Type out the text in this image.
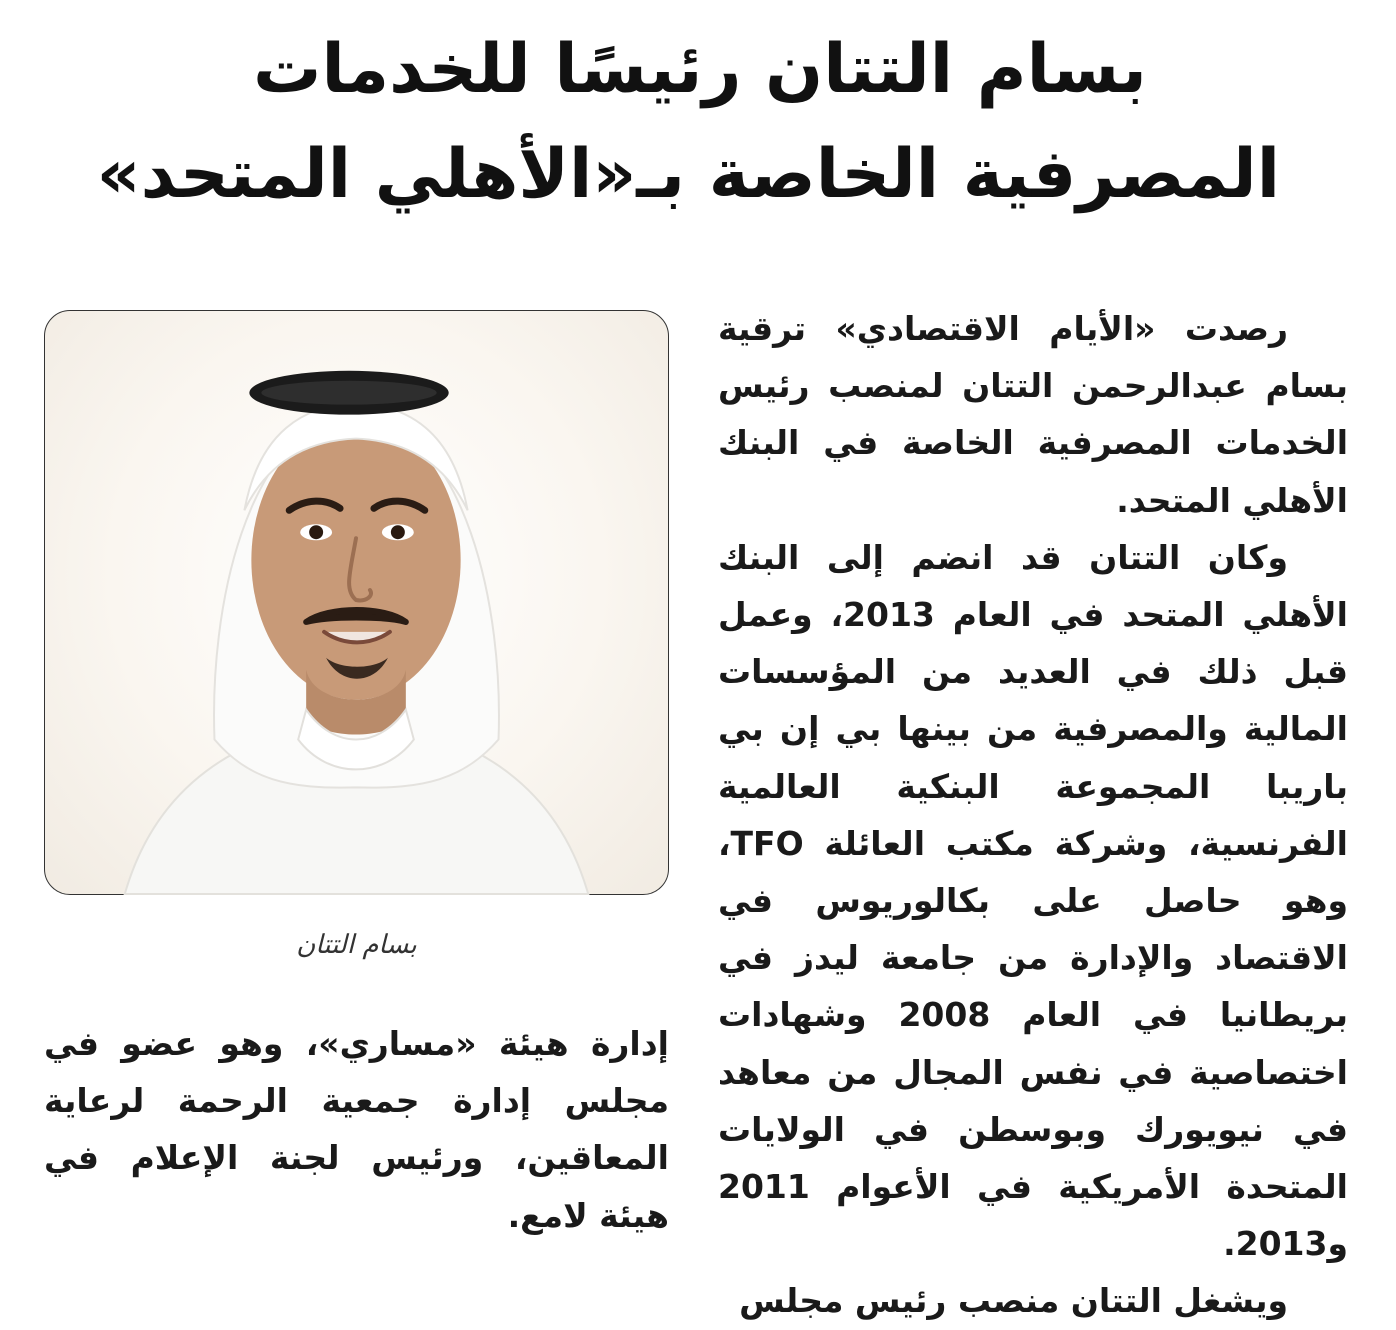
بسام التتان رئيسًا للخدمات
المصرفية الخاصة بـ«الأهلي المتحد»

رصدت «الأيام الاقتصادي» ترقية بسام عبدالرحمن التتان لمنصب رئيس الخدمات المصرفية الخاصة في البنك الأهلي المتحد.

وكان التتان قد انضم إلى البنك الأهلي المتحد في العام 2013، وعمل قبل ذلك في العديد من المؤسسات المالية والمصرفية من بينها بي إن بي باريبا المجموعة البنكية العالمية الفرنسية، وشركة مكتب العائلة TFO، وهو حاصل على بكالوريوس في الاقتصاد والإدارة من جامعة ليدز في بريطانيا في العام 2008 وشهادات اختصاصية في نفس المجال من معاهد في نيويورك وبوسطن في الولايات المتحدة الأمريكية في الأعوام 2011 و2013.

ويشغل التتان منصب رئيس مجلس

بسام التتان

إدارة هيئة «مساري»، وهو عضو في مجلس إدارة جمعية الرحمة لرعاية المعاقين، ورئيس لجنة الإعلام في هيئة لامع.
